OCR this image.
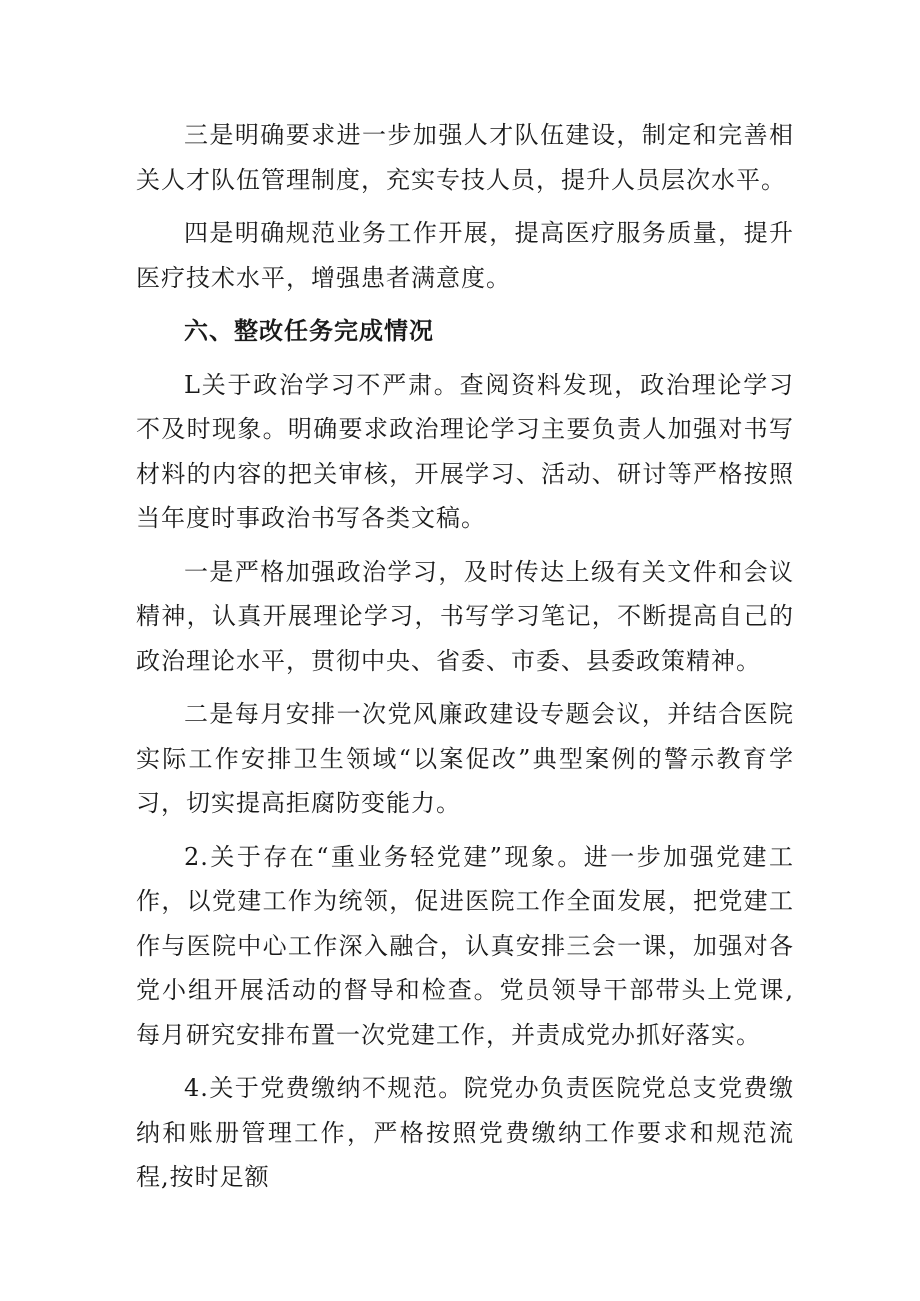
三是明确要求进一步加强人才队伍建设，制定和完善相关人才队伍管理制度，充实专技人员，提升人员层次水平。

四是明确规范业务工作开展，提高医疗服务质量，提升医疗技术水平，增强患者满意度。

六、整改任务完成情况

L关于政治学习不严肃。查阅资料发现，政治理论学习不及时现象。明确要求政治理论学习主要负责人加强对书写材料的内容的把关审核，开展学习、活动、研讨等严格按照当年度时事政治书写各类文稿。

一是严格加强政治学习，及时传达上级有关文件和会议精神，认真开展理论学习，书写学习笔记，不断提高自己的政治理论水平，贯彻中央、省委、市委、县委政策精神。

二是每月安排一次党风廉政建设专题会议，并结合医院实际工作安排卫生领域“以案促改”典型案例的警示教育学习，切实提高拒腐防变能力。

2.关于存在“重业务轻党建”现象。进一步加强党建工作，以党建工作为统领，促进医院工作全面发展，把党建工作与医院中心工作深入融合，认真安排三会一课，加强对各党小组开展活动的督导和检查。党员领导干部带头上党课,每月研究安排布置一次党建工作，并责成党办抓好落实。

4.关于党费缴纳不规范。院党办负责医院党总支党费缴纳和账册管理工作，严格按照党费缴纳工作要求和规范流程,按时足额
